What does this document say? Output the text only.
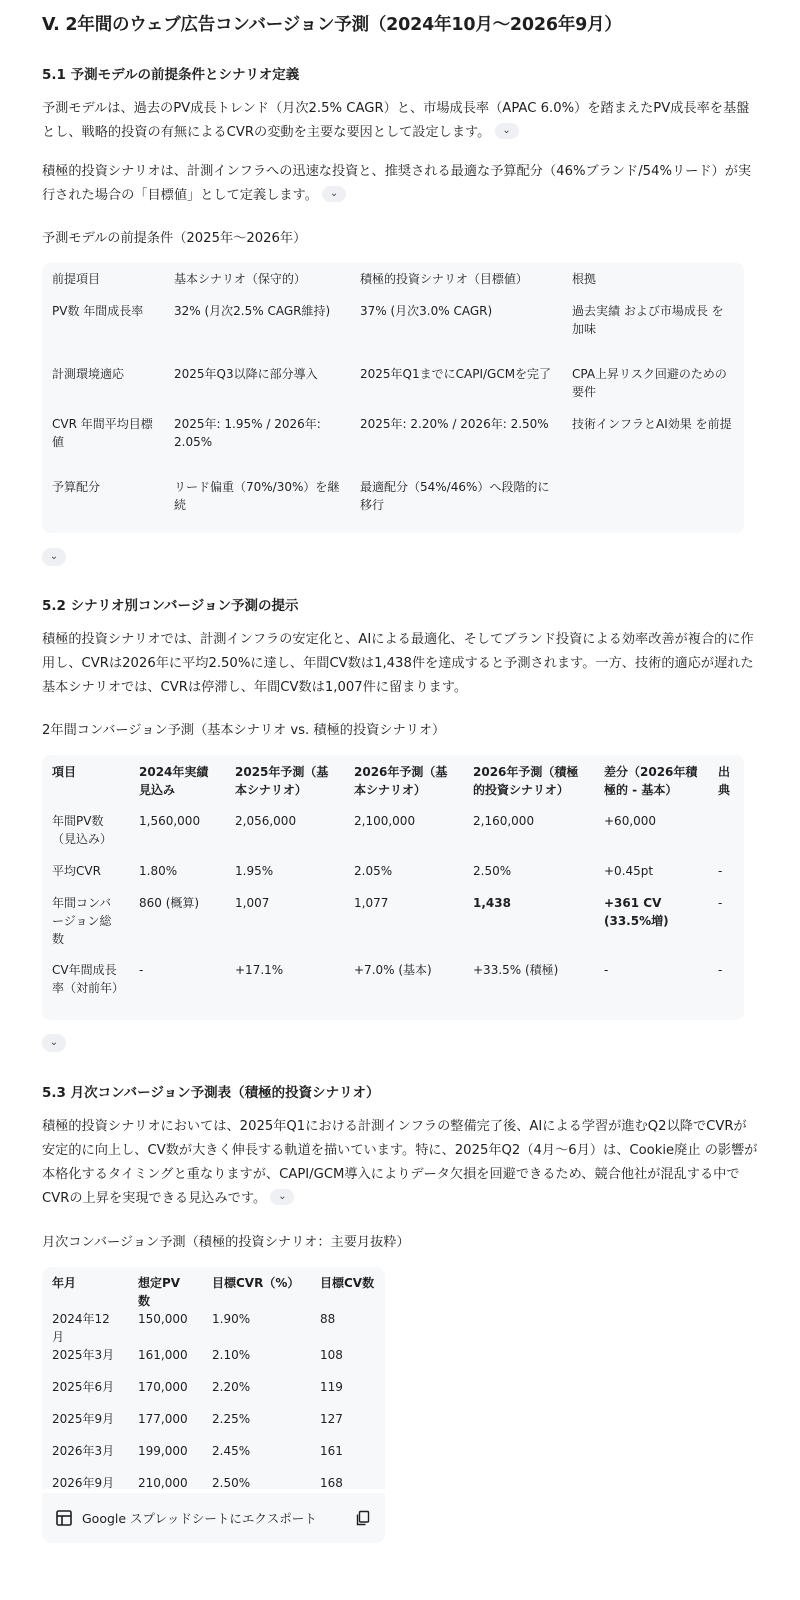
V. 2年間のウェブ広告コンバージョン予測（2024年10月～2026年9月）
5.1 予測モデルの前提条件とシナリオ定義

予測モデルは、過去のPV成長トレンド（月次2.5% CAGR）と、市場成長率（APAC 6.0%）を踏まえたPV成長率を基盤とし、戦略的投資の有無によるCVRの変動を主要な要因として設定します。 ⌄

積極的投資シナリオは、計測インフラへの迅速な投資と、推奨される最適な予算配分（46%ブランド/54%リード）が実行された場合の「目標値」として定義します。 ⌄

予測モデルの前提条件（2025年～2026年）
前提項目	基本シナリオ（保守的）	積極的投資シナリオ（目標値）	根拠
PV数 年間成長率	32% (月次2.5% CAGR維持)	37% (月次3.0% CAGR)	過去実績 および市場成長 を加味
計測環境適応	2025年Q3以降に部分導入	2025年Q1までにCAPI/GCMを完了	CPA上昇リスク回避のための要件
CVR 年間平均目標値	2025年: 1.95% / 2026年: 2.05%	2025年: 2.20% / 2026年: 2.50%	技術インフラとAI効果 を前提
予算配分	リード偏重（70%/30%）を継続	最適配分（54%/46%）へ段階的に移行	
⌄
5.2 シナリオ別コンバージョン予測の提示

積極的投資シナリオでは、計測インフラの安定化と、AIによる最適化、そしてブランド投資による効率改善が複合的に作用し、CVRは2026年に平均2.50%に達し、年間CV数は1,438件を達成すると予測されます。一方、技術的適応が遅れた基本シナリオでは、CVRは停滞し、年間CV数は1,007件に留まります。

2年間コンバージョン予測（基本シナリオ vs. 積極的投資シナリオ）
項目	2024年実績見込み	2025年予測（基本シナリオ）	2026年予測（基本シナリオ）	2026年予測（積極的投資シナリオ）	差分（2026年積極的 - 基本）	出典
年間PV数（見込み）	1,560,000	2,056,000	2,100,000	2,160,000	+60,000	
平均CVR	1.80%	1.95%	2.05%	2.50%	+0.45pt	-
年間コンバージョン総数	860 (概算)	1,007	1,077	1,438	+361 CV (33.5%増)	-
CV年間成長率（対前年）	-	+17.1%	+7.0% (基本)	+33.5% (積極)	-	-
⌄
5.3 月次コンバージョン予測表（積極的投資シナリオ）

積極的投資シナリオにおいては、2025年Q1における計測インフラの整備完了後、AIによる学習が進むQ2以降でCVRが安定的に向上し、CV数が大きく伸長する軌道を描いています。特に、2025年Q2（4月～6月）は、Cookie廃止 の影響が本格化するタイミングと重なりますが、CAPI/GCM導入によりデータ欠損を回避できるため、競合他社が混乱する中でCVRの上昇を実現できる見込みです。 ⌄

月次コンバージョン予測（積極的投資シナリオ：主要月抜粋）
年月	想定PV数	目標CVR（%）	目標CV数
2024年12月	150,000	1.90%	88
2025年3月	161,000	2.10%	108
2025年6月	170,000	2.20%	119
2025年9月	177,000	2.25%	127
2026年3月	199,000	2.45%	161
2026年9月	210,000	2.50%	168
Google スプレッドシートにエクスポート
